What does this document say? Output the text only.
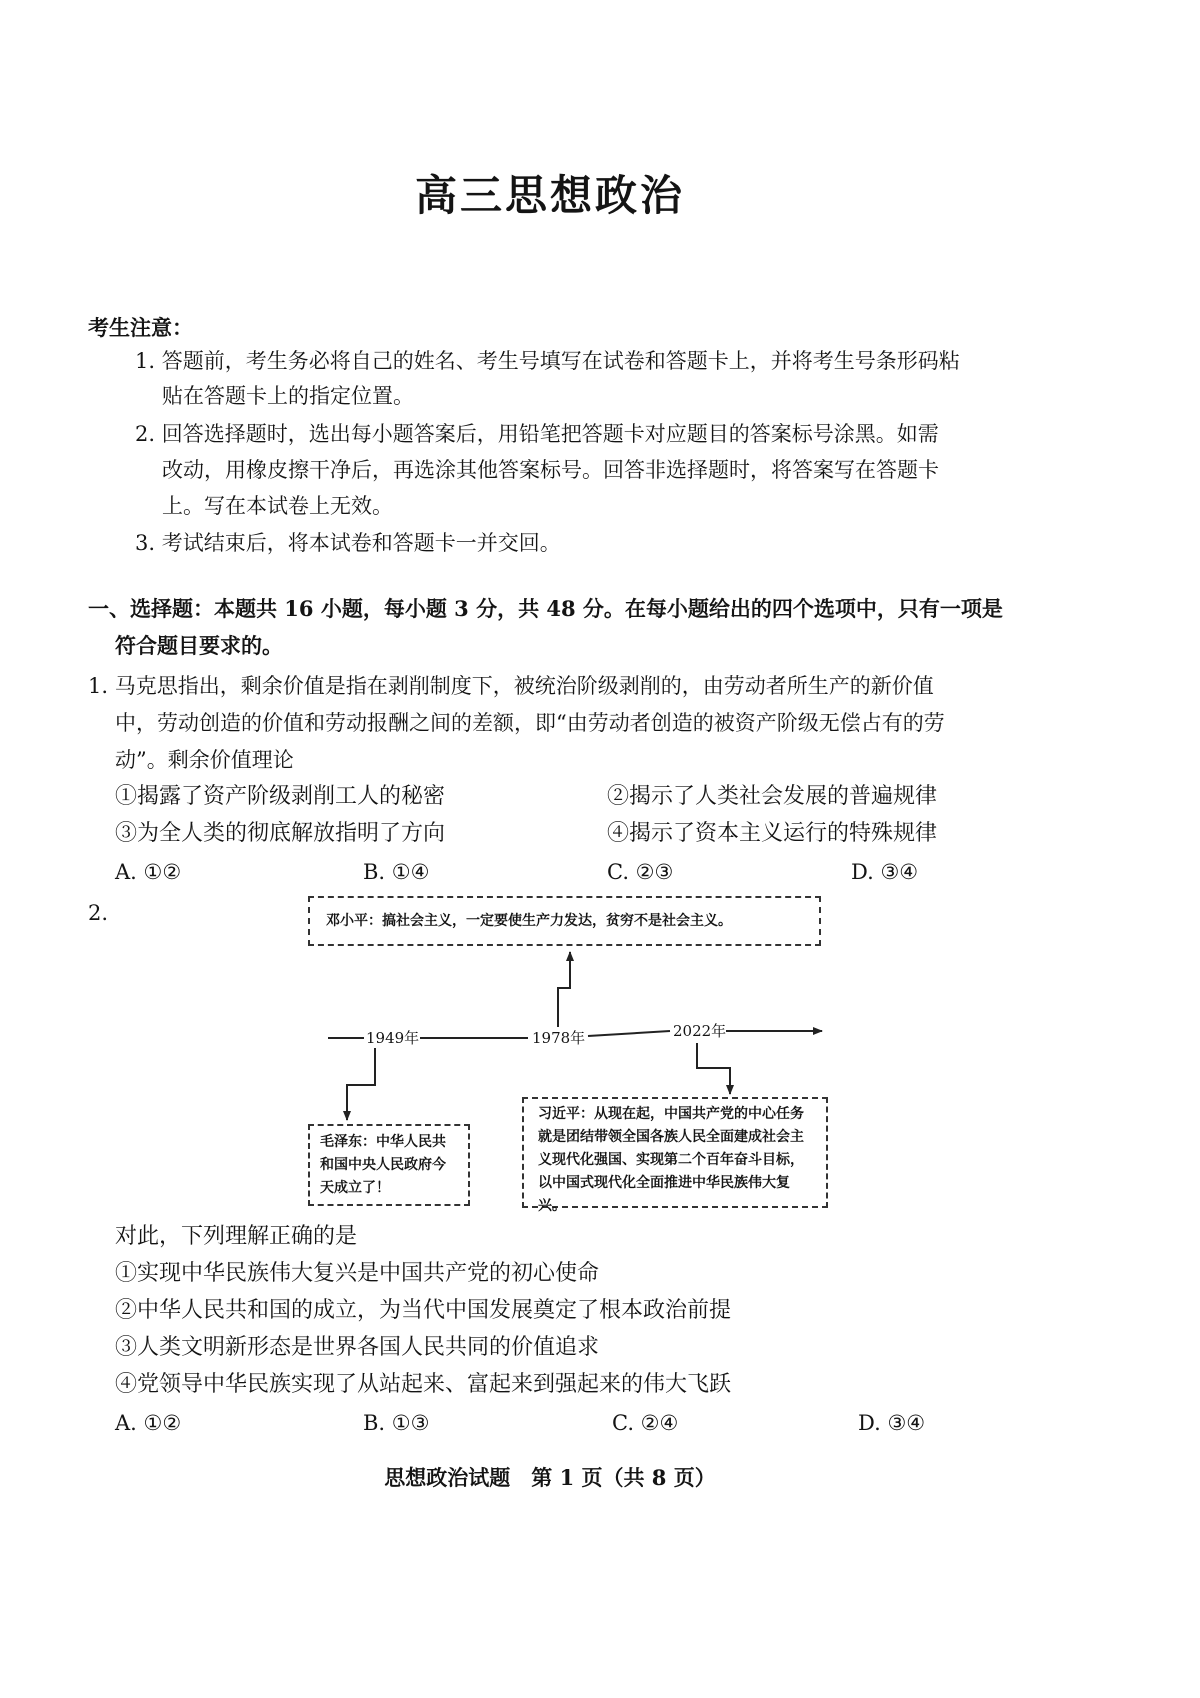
高三思想政治
考生注意：
1. 答题前，考生务必将自己的姓名、考生号填写在试卷和答题卡上，并将考生号条形码粘
贴在答题卡上的指定位置。
2. 回答选择题时，选出每小题答案后，用铅笔把答题卡对应题目的答案标号涂黑。如需
改动，用橡皮擦干净后，再选涂其他答案标号。回答非选择题时，将答案写在答题卡
上。写在本试卷上无效。
3. 考试结束后，将本试卷和答题卡一并交回。
一、选择题：本题共 16 小题，每小题 3 分，共 48 分。在每小题给出的四个选项中，只有一项是
符合题目要求的。
1. 马克思指出，剩余价值是指在剥削制度下，被统治阶级剥削的，由劳动者所生产的新价值
中，劳动创造的价值和劳动报酬之间的差额，即“由劳动者创造的被资产阶级无偿占有的劳
动”。剩余价值理论
①揭露了资产阶级剥削工人的秘密	②揭示了人类社会发展的普遍规律
③为全人类的彻底解放指明了方向	④揭示了资本主义运行的特殊规律
A. ①②	B. ①④	C. ②③	D. ③④
2.
1949年	1978年	2022年
邓小平：搞社会主义，一定要使生产力发达，贫穷不是社会主义。
毛泽东：中华人民共和国中央人民政府今天成立了！
习近平：从现在起，中国共产党的中心任务就是团结带领全国各族人民全面建成社会主义现代化强国、实现第二个百年奋斗目标，以中国式现代化全面推进中华民族伟大复兴。
对此，下列理解正确的是
①实现中华民族伟大复兴是中国共产党的初心使命
②中华人民共和国的成立，为当代中国发展奠定了根本政治前提
③人类文明新形态是世界各国人民共同的价值追求
④党领导中华民族实现了从站起来、富起来到强起来的伟大飞跃
A. ①②	B. ①③	C. ②④	D. ③④
思想政治试题　第 1 页（共 8 页）
